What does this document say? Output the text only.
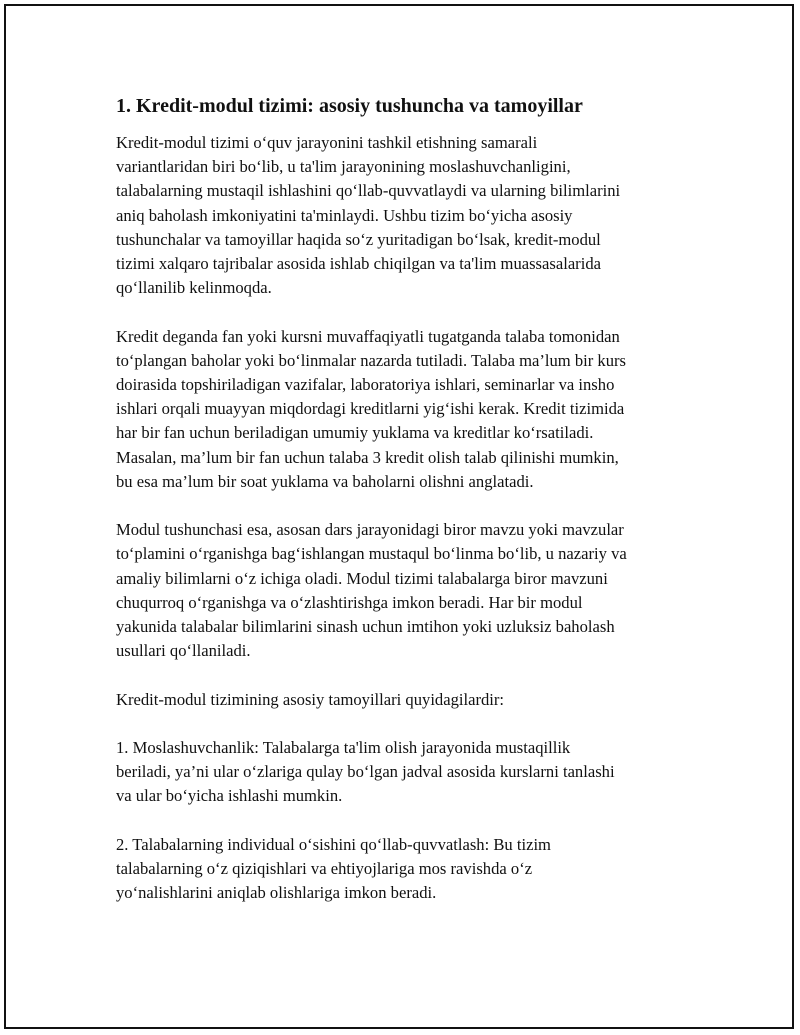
1. Kredit-modul tizimi: asosiy tushuncha va tamoyillar

Kredit-modul tizimi o‘quv jarayonini tashkil etishning samarali
variantlaridan biri bo‘lib, u ta'lim jarayonining moslashuvchanligini,
talabalarning mustaqil ishlashini qo‘llab-quvvatlaydi va ularning bilimlarini
aniq baholash imkoniyatini ta'minlaydi. Ushbu tizim bo‘yicha asosiy
tushunchalar va tamoyillar haqida so‘z yuritadigan bo‘lsak, kredit-modul
tizimi xalqaro tajribalar asosida ishlab chiqilgan va ta'lim muassasalarida
qo‘llanilib kelinmoqda.

Kredit deganda fan yoki kursni muvaffaqiyatli tugatganda talaba tomonidan
to‘plangan baholar yoki bo‘linmalar nazarda tutiladi. Talaba ma’lum bir kurs
doirasida topshiriladigan vazifalar, laboratoriya ishlari, seminarlar va insho
ishlari orqali muayyan miqdordagi kreditlarni yig‘ishi kerak. Kredit tizimida
har bir fan uchun beriladigan umumiy yuklama va kreditlar ko‘rsatiladi.
Masalan, ma’lum bir fan uchun talaba 3 kredit olish talab qilinishi mumkin,
bu esa ma’lum bir soat yuklama va baholarni olishni anglatadi.

Modul tushunchasi esa, asosan dars jarayonidagi biror mavzu yoki mavzular
to‘plamini o‘rganishga bag‘ishlangan mustaqul bo‘linma bo‘lib, u nazariy va
amaliy bilimlarni o‘z ichiga oladi. Modul tizimi talabalarga biror mavzuni
chuqurroq o‘rganishga va o‘zlashtirishga imkon beradi. Har bir modul
yakunida talabalar bilimlarini sinash uchun imtihon yoki uzluksiz baholash
usullari qo‘llaniladi.

Kredit-modul tizimining asosiy tamoyillari quyidagilardir:

1. Moslashuvchanlik: Talabalarga ta'lim olish jarayonida mustaqillik
beriladi, ya’ni ular o‘zlariga qulay bo‘lgan jadval asosida kurslarni tanlashi
va ular bo‘yicha ishlashi mumkin.

2. Talabalarning individual o‘sishini qo‘llab-quvvatlash: Bu tizim
talabalarning o‘z qiziqishlari va ehtiyojlariga mos ravishda o‘z
yo‘nalishlarini aniqlab olishlariga imkon beradi.
